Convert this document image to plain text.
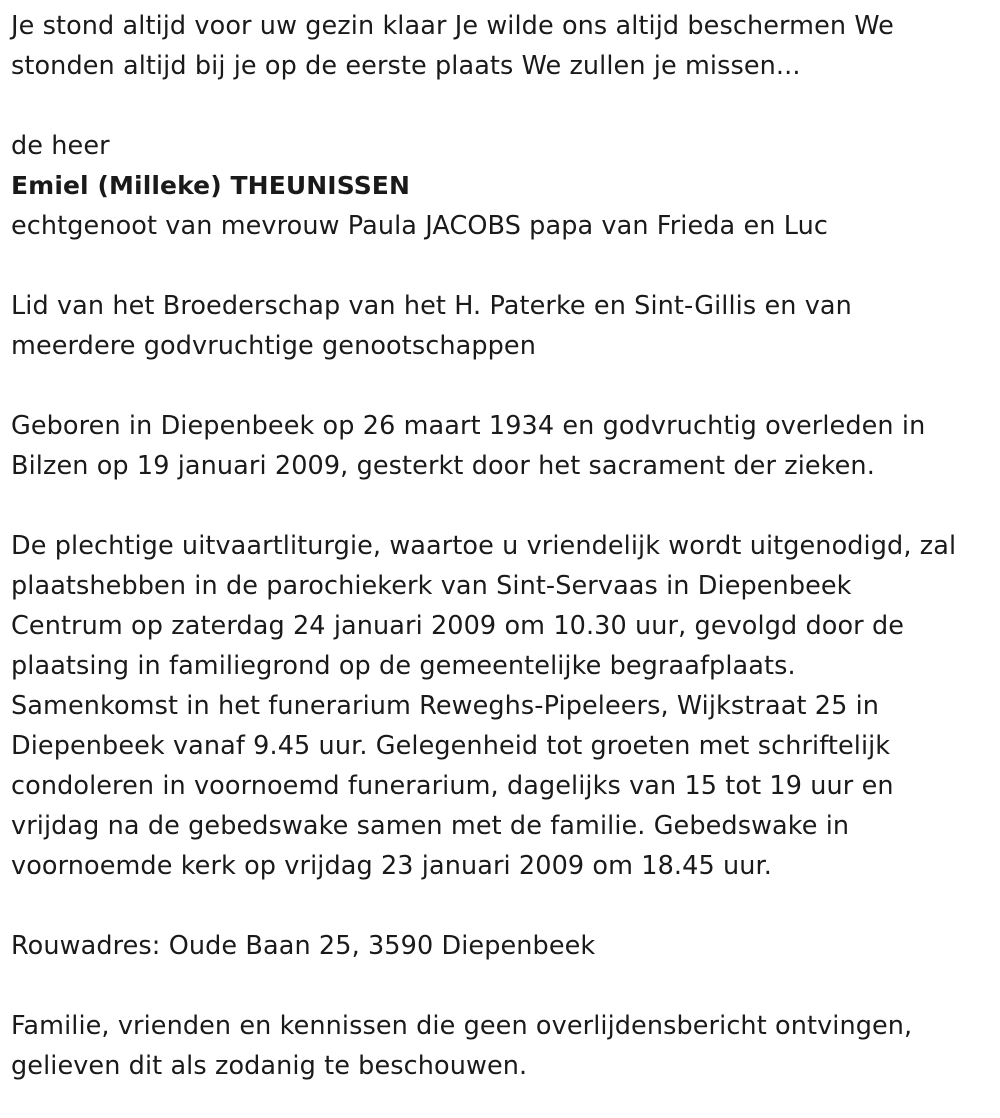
Je stond altijd voor uw gezin klaar Je wilde ons altijd beschermen We

stonden altijd bij je op de eerste plaats We zullen je missen...

de heer

Emiel (Milleke) THEUNISSEN

echtgenoot van mevrouw Paula JACOBS papa van Frieda en Luc

Lid van het Broederschap van het H. Paterke en Sint-Gillis en van

meerdere godvruchtige genootschappen

Geboren in Diepenbeek op 26 maart 1934 en godvruchtig overleden in

Bilzen op 19 januari 2009, gesterkt door het sacrament der zieken.

De plechtige uitvaartliturgie, waartoe u vriendelijk wordt uitgenodigd, zal

plaatshebben in de parochiekerk van Sint-Servaas in Diepenbeek

Centrum op zaterdag 24 januari 2009 om 10.30 uur, gevolgd door de

plaatsing in familiegrond op de gemeentelijke begraafplaats.

Samenkomst in het funerarium Reweghs-Pipeleers, Wijkstraat 25 in

Diepenbeek vanaf 9.45 uur. Gelegenheid tot groeten met schriftelijk

condoleren in voornoemd funerarium, dagelijks van 15 tot 19 uur en

vrijdag na de gebedswake samen met de familie. Gebedswake in

voornoemde kerk op vrijdag 23 januari 2009 om 18.45 uur.

Rouwadres: Oude Baan 25, 3590 Diepenbeek

Familie, vrienden en kennissen die geen overlijdensbericht ontvingen,

gelieven dit als zodanig te beschouwen.
